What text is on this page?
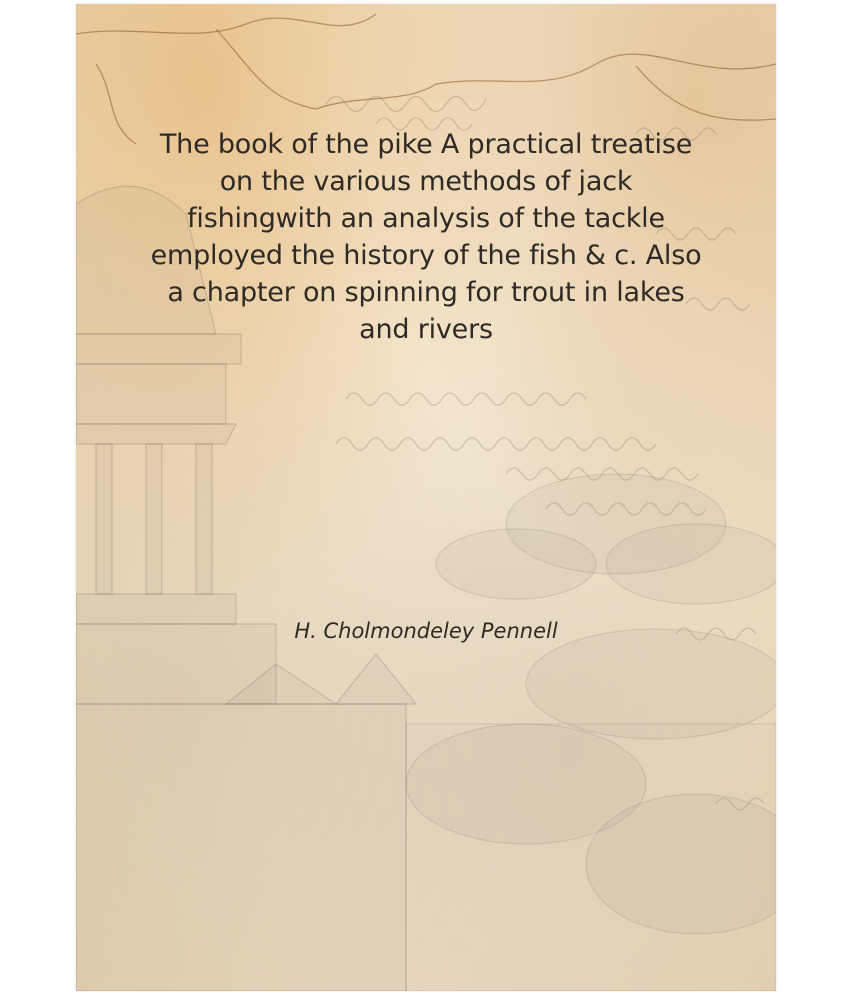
The book of the pike A practical treatise on the various methods of jack fishingwith an analysis of the tackle employed the history of the fish & c. Also a chapter on spinning for trout in lakes and rivers

H. Cholmondeley Pennell
